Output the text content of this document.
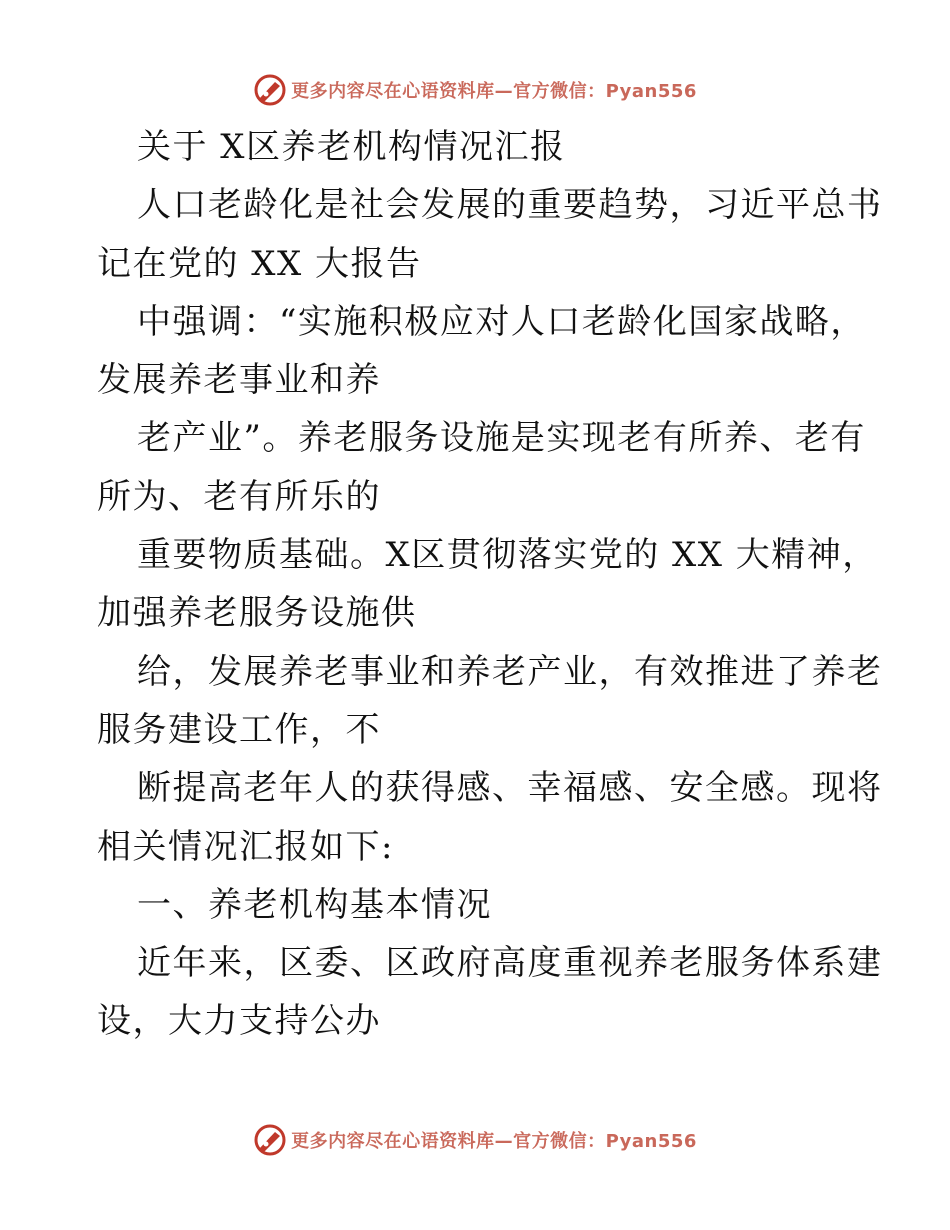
更多内容尽在心语资料库—官方微信：Pyan556
关于 X区养老机构情况汇报
人口老龄化是社会发展的重要趋势，习近平总书
记在党的 XX 大报告
中强调：“实施积极应对人口老龄化国家战略，
发展养老事业和养
老产业”。养老服务设施是实现老有所养、老有
所为、老有所乐的
重要物质基础。X区贯彻落实党的 XX 大精神，
加强养老服务设施供
给，发展养老事业和养老产业，有效推进了养老
服务建设工作，不
断提高老年人的获得感、幸福感、安全感。现将
相关情况汇报如下:
一、养老机构基本情况
近年来，区委、区政府高度重视养老服务体系建
设，大力支持公办
更多内容尽在心语资料库—官方微信：Pyan556
